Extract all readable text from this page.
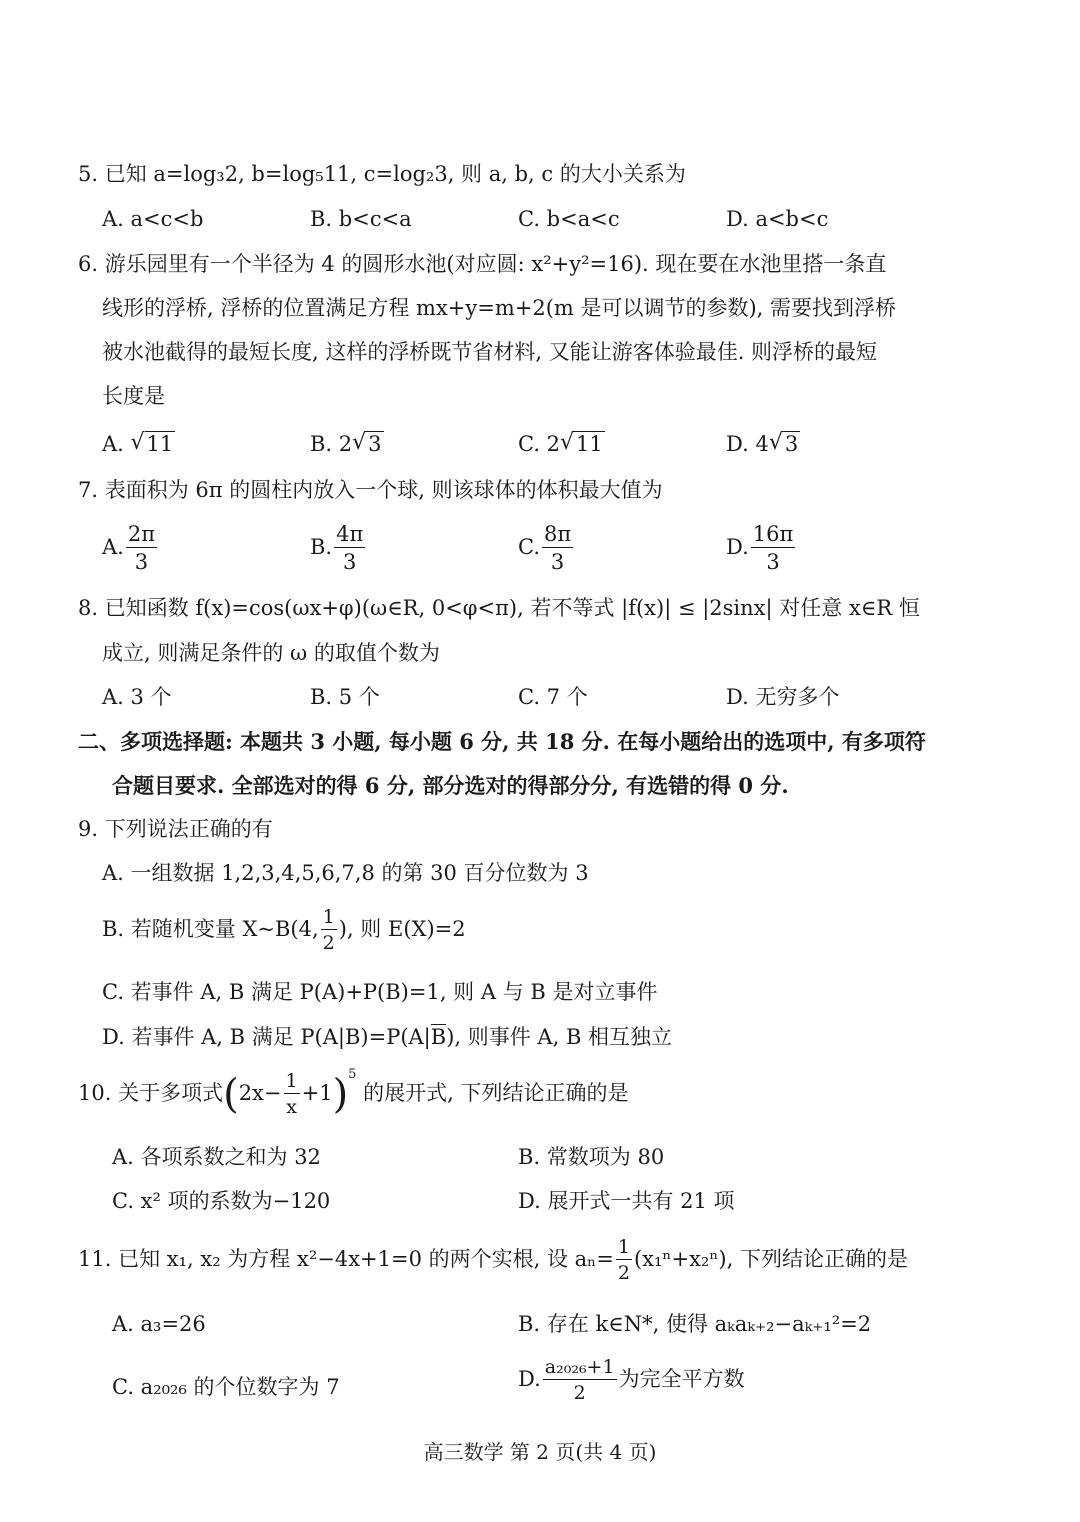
5. 已知 a=log₃2, b=log₅11, c=log₂3, 则 a, b, c 的大小关系为
A. a<c<b	B. b<c<a	C. b<a<c	D. a<b<c
6. 游乐园里有一个半径为 4 的圆形水池(对应圆: x²+y²=16). 现在要在水池里搭一条直
线形的浮桥, 浮桥的位置满足方程 mx+y=m+2(m 是可以调节的参数), 需要找到浮桥
被水池截得的最短长度, 这样的浮桥既节省材料, 又能让游客体验最佳. 则浮桥的最短
长度是
A. √ 11	B. 2 √ 3	C. 2 √ 11	D. 4 √ 3
7. 表面积为 6π 的圆柱内放入一个球, 则该球体的体积最大值为
A. $\frac{2\pi}{3}$	B. $\frac{4\pi}{3}$	C. $\frac{8\pi}{3}$	D. $\frac{16\pi}{3}$
8. 已知函数 f(x)=cos(ωx+φ)(ω∈R, 0<φ<π), 若不等式 |f(x)| ≤ |2sinx| 对任意 x∈R 恒
成立, 则满足条件的 ω 的取值个数为
A. 3 个	B. 5 个	C. 7 个	D. 无穷多个
二、多项选择题: 本题共 3 小题, 每小题 6 分, 共 18 分. 在每小题给出的选项中, 有多项符
合题目要求. 全部选对的得 6 分, 部分选对的得部分分, 有选错的得 0 分.
9. 下列说法正确的有
A. 一组数据 1,2,3,4,5,6,7,8 的第 30 百分位数为 3
B. 若随机变量 X~B(4, $\frac{1}{2}$ ), 则 E(X)=2
C. 若事件 A, B 满足 P(A)+P(B)=1, 则 A 与 B 是对立事件
D. 若事件 A, B 满足 P(A|B)=P(A|B), 则事件 A, B 相互独立
10. 关于多项式$(2x- \frac{1}{x} +1)^5$ 的展开式, 下列结论正确的是
A. 各项系数之和为 32	B. 常数项为 80
C. x² 项的系数为−120	D. 展开式一共有 21 项
11. 已知 x₁, x₂ 为方程 x²−4x+1=0 的两个实根, 设 $a_n= \frac{1}{2} (x_1^n+x_2^n)$, 下列结论正确的是
A. a₃=26	B. 存在 k∈N*, 使得 aₖaₖ₊₂−aₖ₊₁²=2
C. a₂₀₂₆ 的个位数字为 7	D. $\frac{\text{a₂₀₂₆+1}}{2}$ 为完全平方数
高三数学 第 2 页(共 4 页)
